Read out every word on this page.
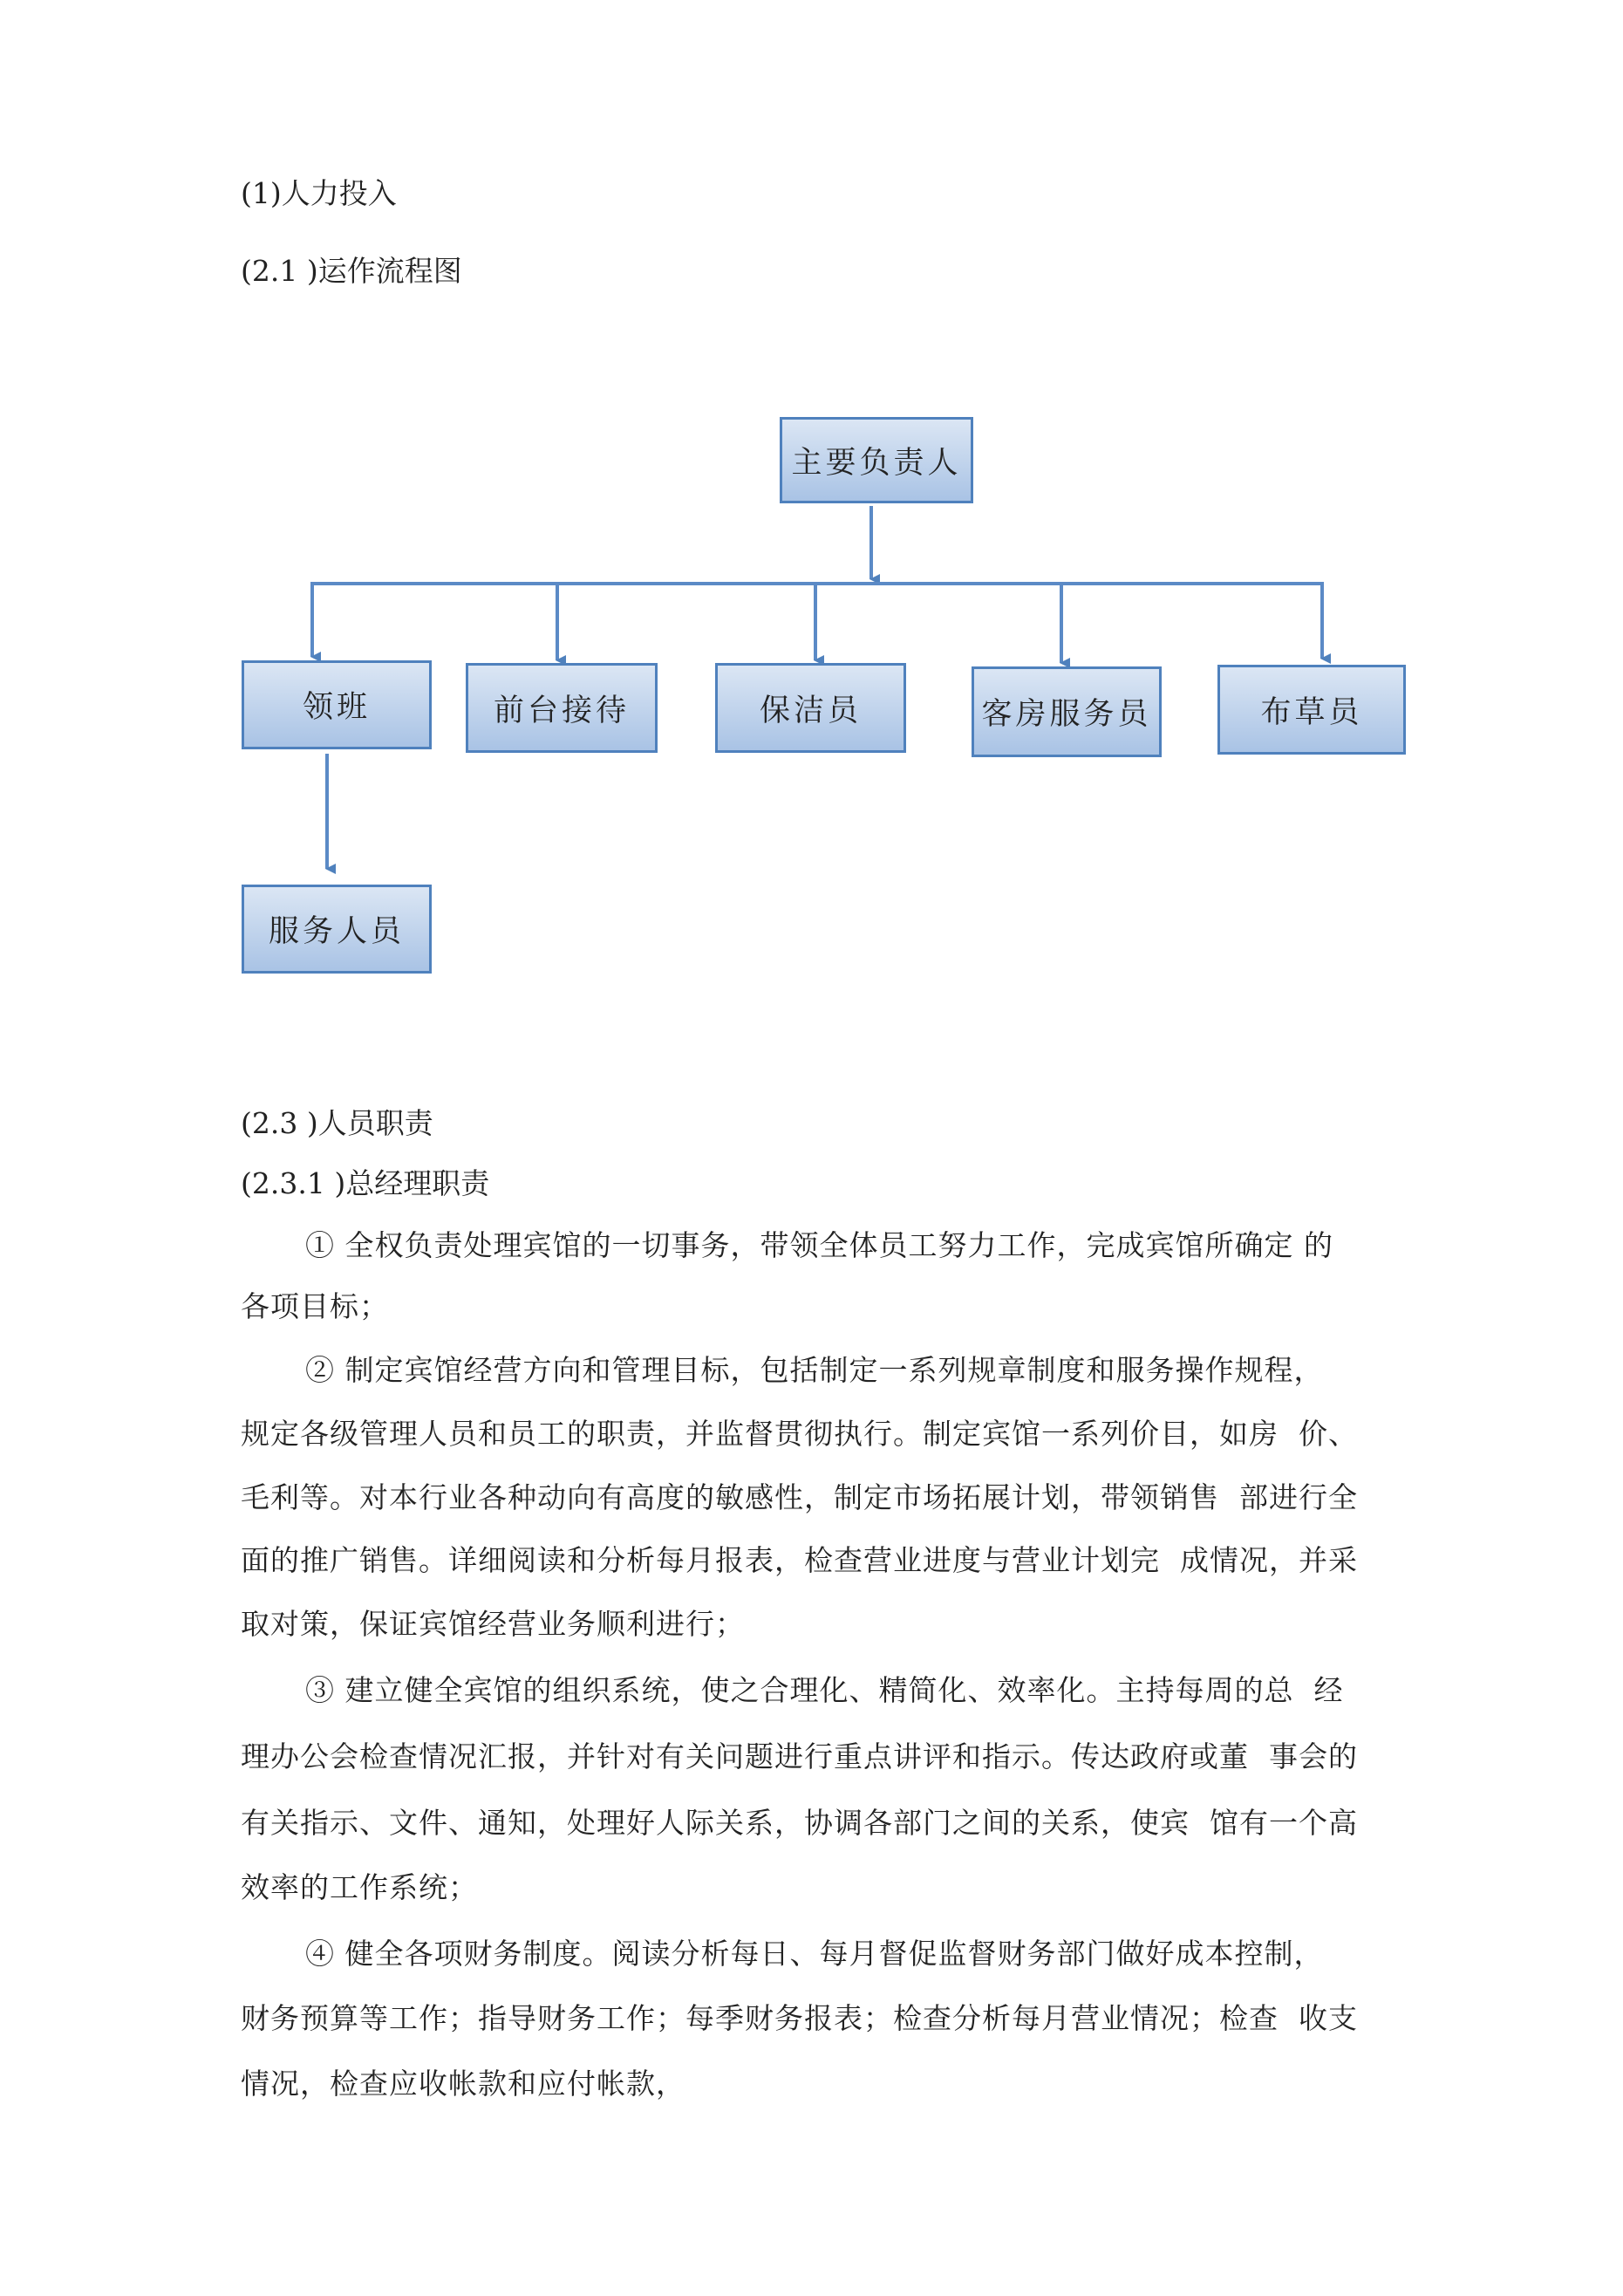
(1)人力投入
(2.1 )运作流程图
主要负责人
领班	前台接待	保洁员	客房服务员	布草员
服务人员
(2.3 )人员职责
(2.3.1 )总经理职责
① 全权负责处理宾馆的一切事务，带领全体员工努力工作，完成宾馆所确定 的
各项目标；
② 制定宾馆经营方向和管理目标，包括制定一系列规章制度和服务操作规程，
规定各级管理人员和员工的职责，并监督贯彻执行。制定宾馆一系列价目，如房  价、
毛利等。对本行业各种动向有高度的敏感性，制定市场拓展计划，带领销售  部进行全
面的推广销售。详细阅读和分析每月报表，检查营业进度与营业计划完  成情况，并采
取对策，保证宾馆经营业务顺利进行；
③ 建立健全宾馆的组织系统，使之合理化、精简化、效率化。主持每周的总  经
理办公会检查情况汇报，并针对有关问题进行重点讲评和指示。传达政府或董  事会的
有关指示、文件、通知，处理好人际关系，协调各部门之间的关系，使宾  馆有一个高
效率的工作系统；
④ 健全各项财务制度。阅读分析每日、每月督促监督财务部门做好成本控制，
财务预算等工作；指导财务工作；每季财务报表；检查分析每月营业情况；检查  收支
情况，检查应收帐款和应付帐款，
